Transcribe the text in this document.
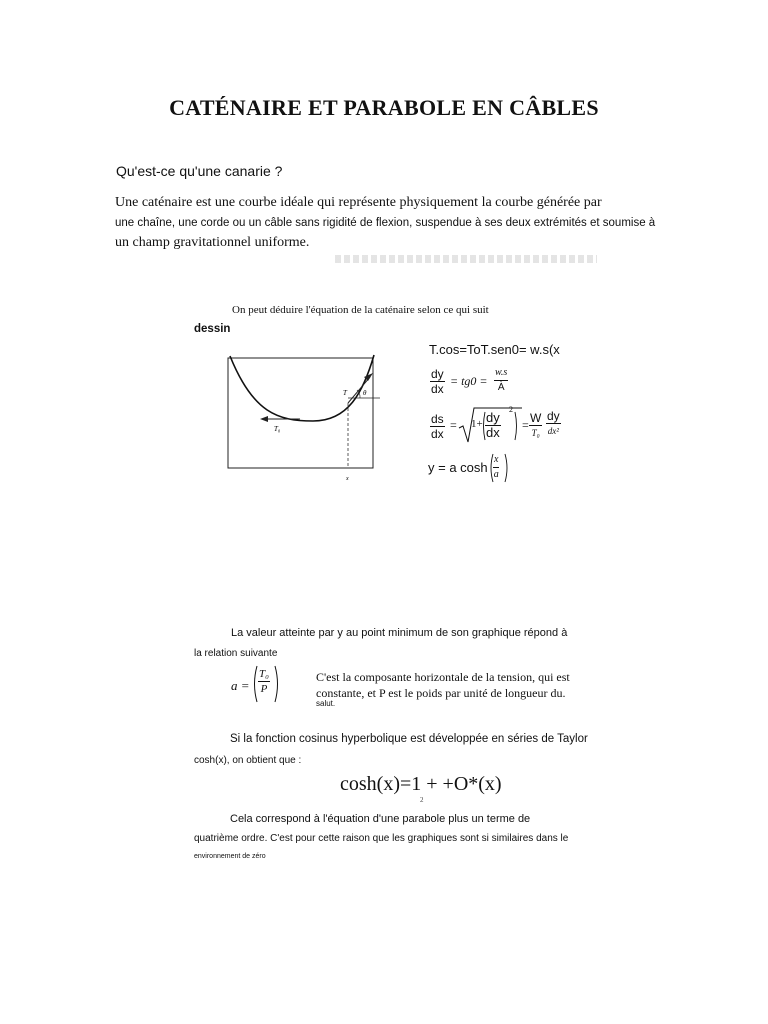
CATÉNAIRE ET PARABOLE EN CÂBLES
Qu'est-ce qu'une canarie ?
Une caténaire est une courbe idéale qui représente physiquement la courbe générée par
une chaîne, une corde ou un câble sans rigidité de flexion, suspendue à ses deux extrémités et soumise à
un champ gravitationnel uniforme.
On peut déduire l'équation de la caténaire selon ce qui suit
dessin
T₀
T θ
x
T.cos=ToT.sen0= w.s(x
$\frac{dy}{dx} = tg0 = \frac{w.s}{À}$
$\frac{ds}{dx} = 1+ \frac{dy}{dx}$
2
= W
T₀
dy
dx²
y = a $\cosh \frac{x}{a}$
La valeur atteinte par y au point minimum de son graphique répond à
la relation suivante
$a = \frac{\text{T₀}}{P}$	C'est la composante horizontale de la tension, qui est constante, et P est le poids par unité de longueur du.
salut.
Si la fonction cosinus hyperbolique est développée en séries de Taylor
cosh(x), on obtient que :
cosh(x)=1 + +O*(x)
2
Cela correspond à l'équation d'une parabole plus un terme de
quatrième ordre. C'est pour cette raison que les graphiques sont si similaires dans le
environnement de zéro
